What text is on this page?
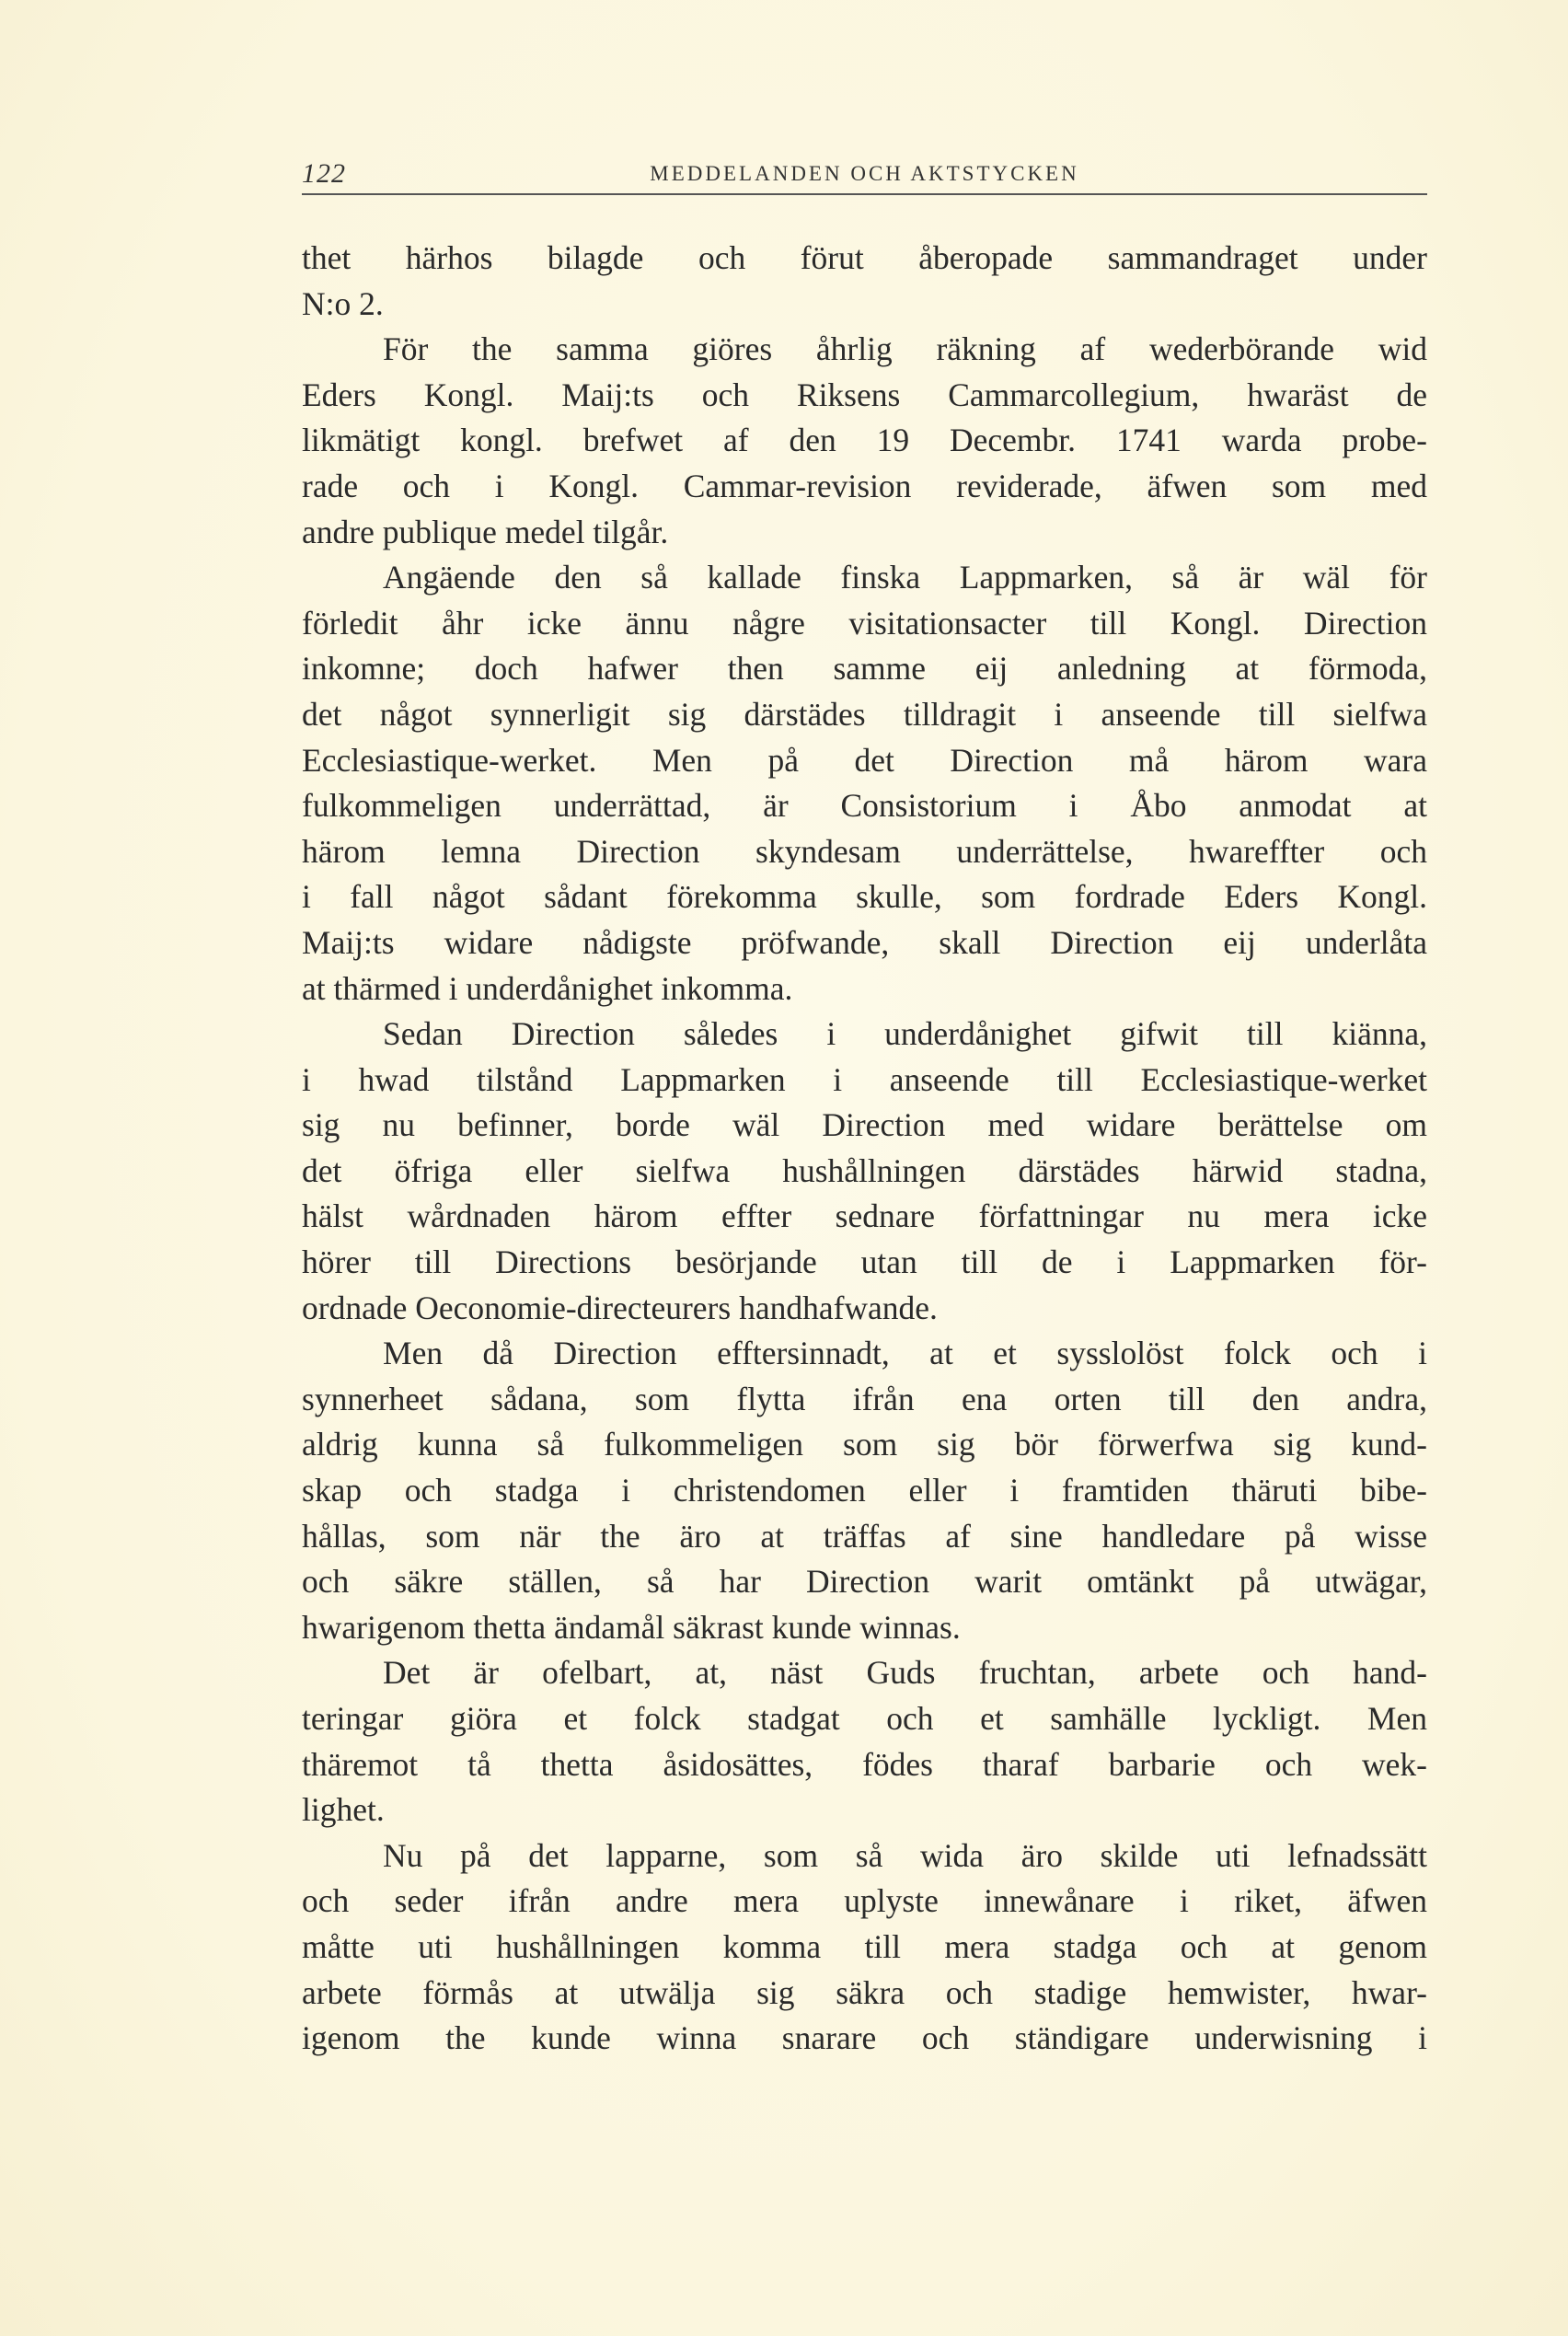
122	MEDDELANDEN OCH AKTSTYCKEN
thet härhos bilagde och förut åberopade sammandraget under
N:o 2.
För the samma giöres åhrlig räkning af wederbörande wid
Eders Kongl. Maij:ts och Riksens Cammarcollegium, hwaräst de
likmätigt kongl. brefwet af den 19 Decembr. 1741 warda probe-
rade och i Kongl. Cammar-revision reviderade, äfwen som med
andre publique medel tilgår.
Angäende den så kallade finska Lappmarken, så är wäl för
förledit åhr icke ännu någre visitationsacter till Kongl. Direction
inkomne; doch hafwer then samme eij anledning at förmoda,
det något synnerligit sig därstädes tilldragit i anseende till sielfwa
Ecclesiastique-werket. Men på det Direction må härom wara
fulkommeligen underrättad, är Consistorium i Åbo anmodat at
härom lemna Direction skyndesam underrättelse, hwareffter och
i fall något sådant förekomma skulle, som fordrade Eders Kongl.
Maij:ts widare nådigste pröfwande, skall Direction eij underlåta
at thärmed i underdånighet inkomma.
Sedan Direction således i underdånighet gifwit till kiänna,
i hwad tilstånd Lappmarken i anseende till Ecclesiastique-werket
sig nu befinner, borde wäl Direction med widare berättelse om
det öfriga eller sielfwa hushållningen därstädes härwid stadna,
hälst wårdnaden härom effter sednare författningar nu mera icke
hörer till Directions besörjande utan till de i Lappmarken för-
ordnade Oeconomie-directeurers handhafwande.
Men då Direction efftersinnadt, at et sysslolöst folck och i
synnerheet sådana, som flytta ifrån ena orten till den andra,
aldrig kunna så fulkommeligen som sig bör förwerfwa sig kund-
skap och stadga i christendomen eller i framtiden thäruti bibe-
hållas, som när the äro at träffas af sine handledare på wisse
och säkre ställen, så har Direction warit omtänkt på utwägar,
hwarigenom thetta ändamål säkrast kunde winnas.
Det är ofelbart, at, näst Guds fruchtan, arbete och hand-
teringar giöra et folck stadgat och et samhälle lyckligt. Men
thäremot tå thetta åsidosättes, födes tharaf barbarie och wek-
lighet.
Nu på det lapparne, som så wida äro skilde uti lefnadssätt
och seder ifrån andre mera uplyste innewånare i riket, äfwen
måtte uti hushållningen komma till mera stadga och at genom
arbete förmås at utwälja sig säkra och stadige hemwister, hwar-
igenom the kunde winna snarare och ständigare underwisning i
